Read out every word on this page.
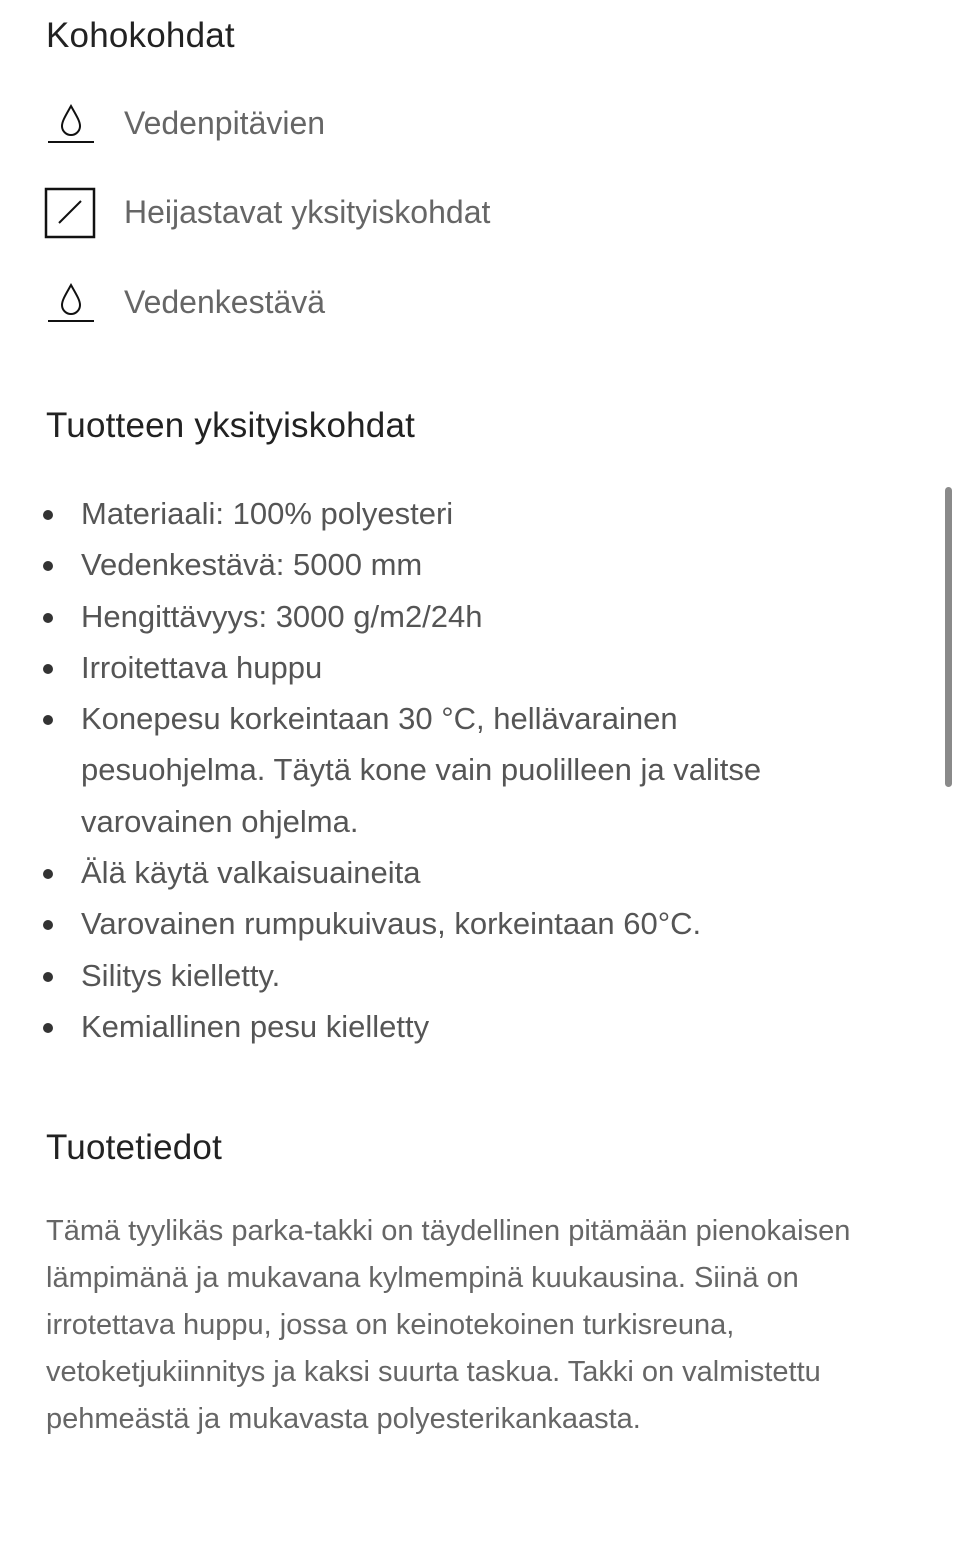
Kohokohdat
Vedenpitävien
Heijastavat yksityiskohdat
Vedenkestävä
Tuotteen yksityiskohdat
Materiaali: 100% polyesteri
Vedenkestävä: 5000 mm
Hengittävyys: 3000 g/m2/24h
Irroitettava huppu
Konepesu korkeintaan 30 °C, hellävarainen pesuohjelma. Täytä kone vain puolilleen ja valitse varovainen ohjelma.
Älä käytä valkaisuaineita
Varovainen rumpukuivaus, korkeintaan 60°C.
Silitys kielletty.
Kemiallinen pesu kielletty
Tuotetiedot

Tämä tyylikäs parka-takki on täydellinen pitämään pienokaisen lämpimänä ja mukavana kylmempinä kuukausina. Siinä on irrotettava huppu, jossa on keinotekoinen turkisreuna, vetoketjukiinnitys ja kaksi suurta taskua. Takki on valmistettu pehmeästä ja mukavasta polyesterikankaasta.
